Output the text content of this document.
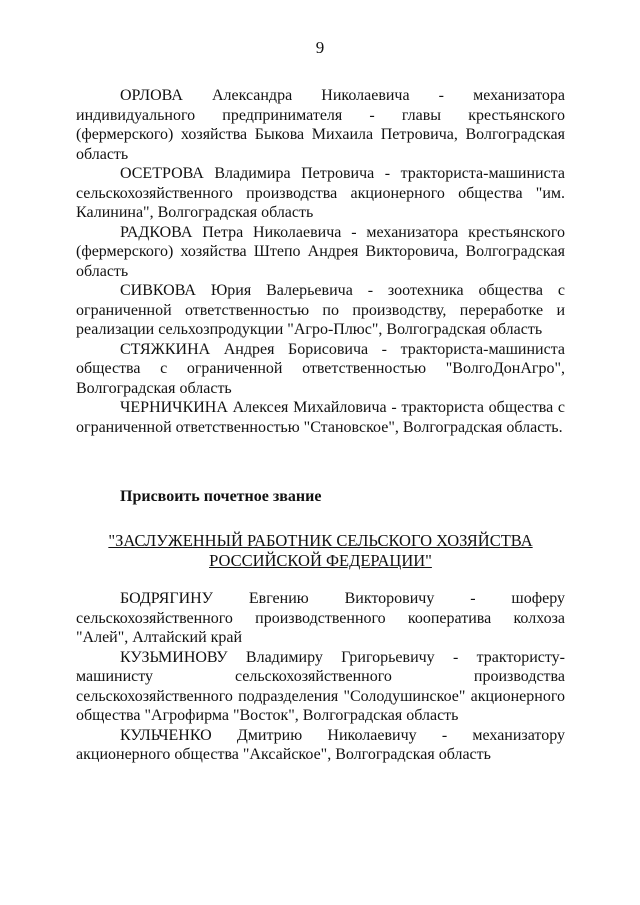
9

ОРЛОВА Александра Николаевича - механизатора индивидуального предпринимателя - главы крестьянского (фермерского) хозяйства Быкова Михаила Петровича, Волгоградская область

ОСЕТРОВА Владимира Петровича - тракториста-машиниста сельскохозяйственного производства акционерного общества "им. Калинина", Волгоградская область

РАДКОВА Петра Николаевича - механизатора крестьянского (фермерского) хозяйства Штепо Андрея Викторовича, Волгоградская область

СИВКОВА Юрия Валерьевича - зоотехника общества с ограниченной ответственностью по производству, переработке и реализации сельхозпродукции "Агро-Плюс", Волгоградская область

СТЯЖКИНА Андрея Борисовича - тракториста-машиниста общества с ограниченной ответственностью "ВолгоДонАгро", Волгоградская область

ЧЕРНИЧКИНА Алексея Михайловича - тракториста общества с ограниченной ответственностью "Становское", Волгоградская область.

Присвоить почетное звание
"ЗАСЛУЖЕННЫЙ РАБОТНИК СЕЛЬСКОГО ХОЗЯЙСТВА
РОССИЙСКОЙ ФЕДЕРАЦИИ"

БОДРЯГИНУ Евгению Викторовичу - шоферу сельскохозяйственного производственного кооператива колхоза "Алей", Алтайский край

КУЗЬМИНОВУ Владимиру Григорьевичу - трактористу-машинисту сельскохозяйственного производства сельскохозяйственного подразделения "Солодушинское" акционерного общества "Агрофирма "Восток", Волгоградская область

КУЛЬЧЕНКО Дмитрию Николаевичу - механизатору акционерного общества "Аксайское", Волгоградская область
